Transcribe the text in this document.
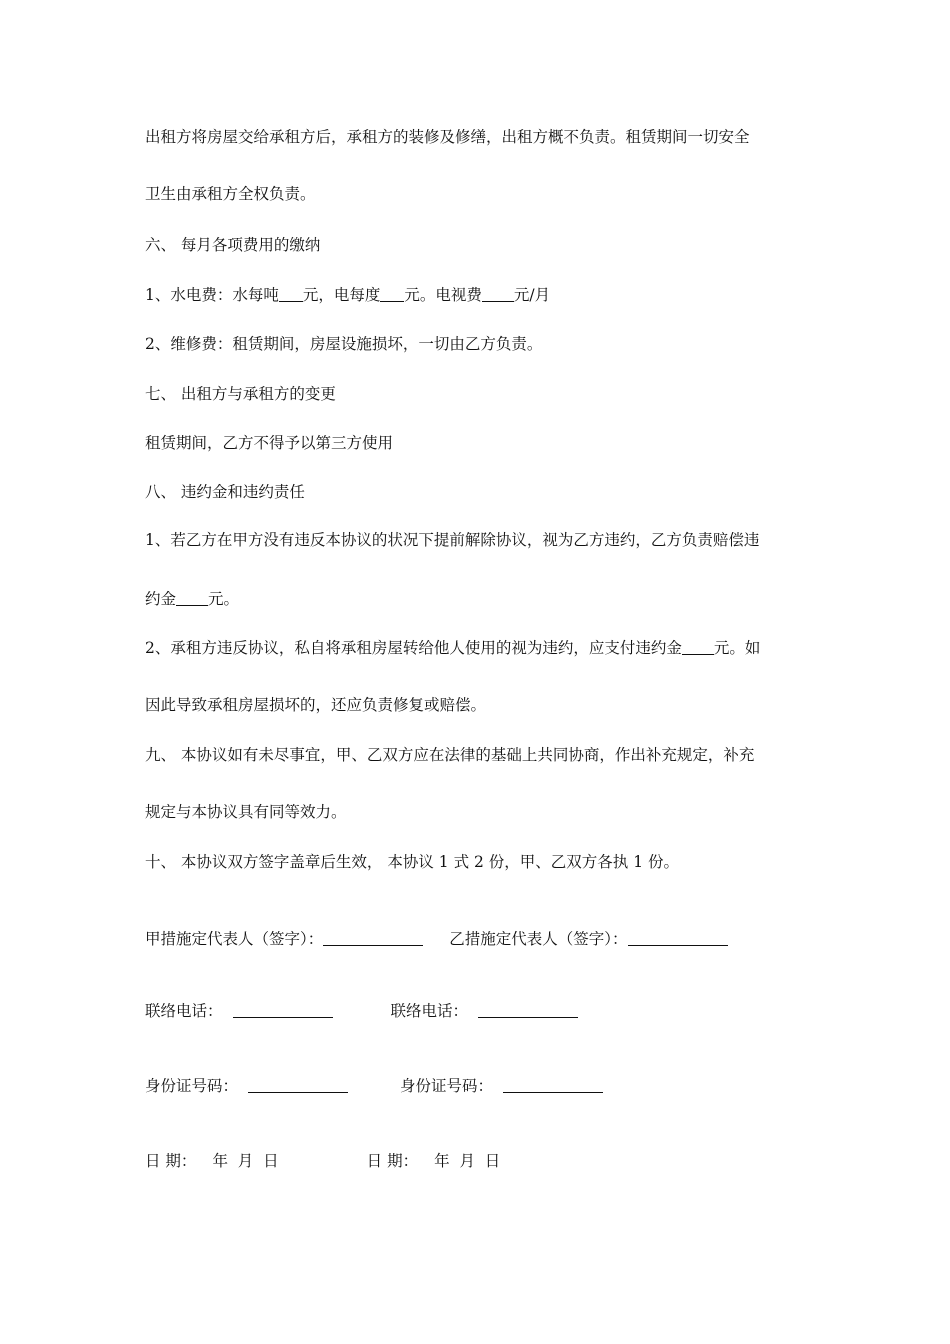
出租方将房屋交给承租方后，承租方的装修及修缮，出租方概不负责。租赁期间一切安全
卫生由承租方全权负责。
六、 每月各项费用的缴纳
1、水电费：水每吨 元，电每度 元。电视费 元/月
2、维修费：租赁期间，房屋设施损坏，一切由乙方负责。
七、 出租方与承租方的变更
租赁期间，乙方不得予以第三方使用
八、 违约金和违约责任
1、若乙方在甲方没有违反本协议的状况下提前解除协议，视为乙方违约，乙方负责赔偿违
约金 元。
2、承租方违反协议，私自将承租房屋转给他人使用的视为违约，应支付违约金 元。如
因此导致承租房屋损坏的，还应负责修复或赔偿。
九、 本协议如有未尽事宜，甲、乙双方应在法律的基础上共同协商，作出补充规定，补充
规定与本协议具有同等效力。
十、 本协议双方签字盖章后生效， 本协议 1 式 2 份，甲、乙双方各执 1 份。
甲措施定代表人（签字）：	乙措施定代表人（签字）：
联络电话：	联络电话：
身份证号码：	身份证号码：
日 期： 年  月  日	日 期： 年  月  日
